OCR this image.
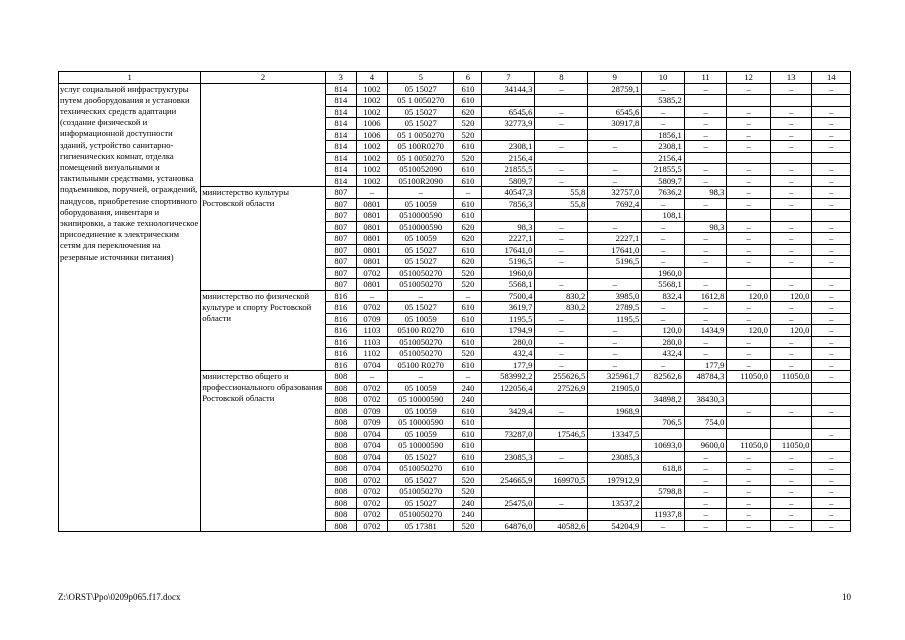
1	2	3	4	5	6	7	8	9	10	11	12	13	14

услуг социальной инфраструктуры путем дооборудования и установки технических средств адаптации (создание физической и информационной доступности зданий, устройство санитарно-гигиенических комнат, отделка помещений визуальными и тактильными средствами, установка подъемников, поручней, ограждений, пандусов, приобретение спортивного оборудования, инвентаря и экипировки, а также технологическое присоединение к электрическим сетям для переключения на резервные источники питания)		814	1002	05 15027	610	34144,3	–	28759,1	–	–	–	–	–
		814	1002	05 1 0050270	610				5385,2				
		814	1002	05 15027	620	6545,6	–	6545,6	–	–	–	–	–
		814	1006	05 15027	520	32773,9	–	30917,8	–	–	–	–	–
		814	1006	05 1 0050270	520				1856,1	–	–	–	–
		814	1002	05 100R0270	610	2308,1	–	–	2308,1	–	–	–	–
		814	1002	05 1 0050270	520	2156,4			2156,4				
		814	1002	0510052090	610	21855,5	–	–	21855,5	–	–	–	–
		814	1002	05100R2090	610	5809,7	–	–	5809,7	–	–	–	–
	министерство культуры Ростовской области	807	–	–	–	40547,3	55,8	32757,0	7636,2	98,3	–	–	–
		807	0801	05 10059	610	7856,3	55,8	7692,4	–	–	–	–	–
		807	0801	0510000590	610				108,1				
		807	0801	0510000590	620	98,3	–	–	–	98,3	–	–	–
		807	0801	05 10059	620	2227,1	–	2227,1	–	–	–	–	–
		807	0801	05 15027	610	17641,0	–	17641,0	–	–	–	–	–
		807	0801	05 15027	620	5196,5	–	5196,5	–	–	–	–	–
		807	0702	0510050270	520	1960,0			1960,0				
		807	0801	0510050270	520	5568,1	–	–	5568,1	–	–	–	–
	министерство по физической культуре и спорту Ростовской области	816	–	–	–	7500,4	830,2	3985,0	832,4	1612,8	120,0	120,0	–
		816	0702	05 15027	610	3619,7	830,2	2789,5	–	–	–	–	–
		816	0709	05 10059	610	1195,5	–	1195,5	–	–	–	–	–
		816	1103	05100 R0270	610	1794,9	–	–	120,0	1434,9	120,0	120,0	–
		816	1103	0510050270	610	280,0	–	–	280,0	–	–	–	–
		816	1102	0510050270	520	432,4	–	–	432,4	–	–	–	–
		816	0704	05100 R0270	610	177,9	–	–	–	177,9	–	–	–
	министерство общего и профессионального образования Ростовской области	808	–	–	–	583992,2	255626,5	325961,7	82562,6	48784,3	11050,0	11050,0	–
		808	0702	05 10059	240	122056,4	27526,9	21905,0					
		808	0702	05 10000590	240				34898,2	38430,3			
		808	0709	05 10059	610	3429,4	–	1968,9			–	–	–
		808	0709	05 10000590	610				706,5	754,0			
		808	0704	05 10059	610	73287,0	17546,5	13347,5					–
		808	0704	05 10000590	610				10693,0	9600,0	11050,0	11050,0	
		808	0704	05 15027	610	23085,3	–	23085,3		–	–	–	–
		808	0704	0510050270	610				618,8	–	–	–	–
		808	0702	05 15027	520	254665,9	169970,5	197912,9		–	–	–	–
		808	0702	0510050270	520				5798,8	–	–	–	–
		808	0702	05 15027	240	25475,0	–	13537,2		–	–	–	–
		808	0702	0510050270	240				11937,8	–	–	–	–
		808	0702	05 17381	520	64876,0	40582,6	54204,9	–	–	–	–	–
Z:\ORST\Ppo\0209p065.f17.docx	10
